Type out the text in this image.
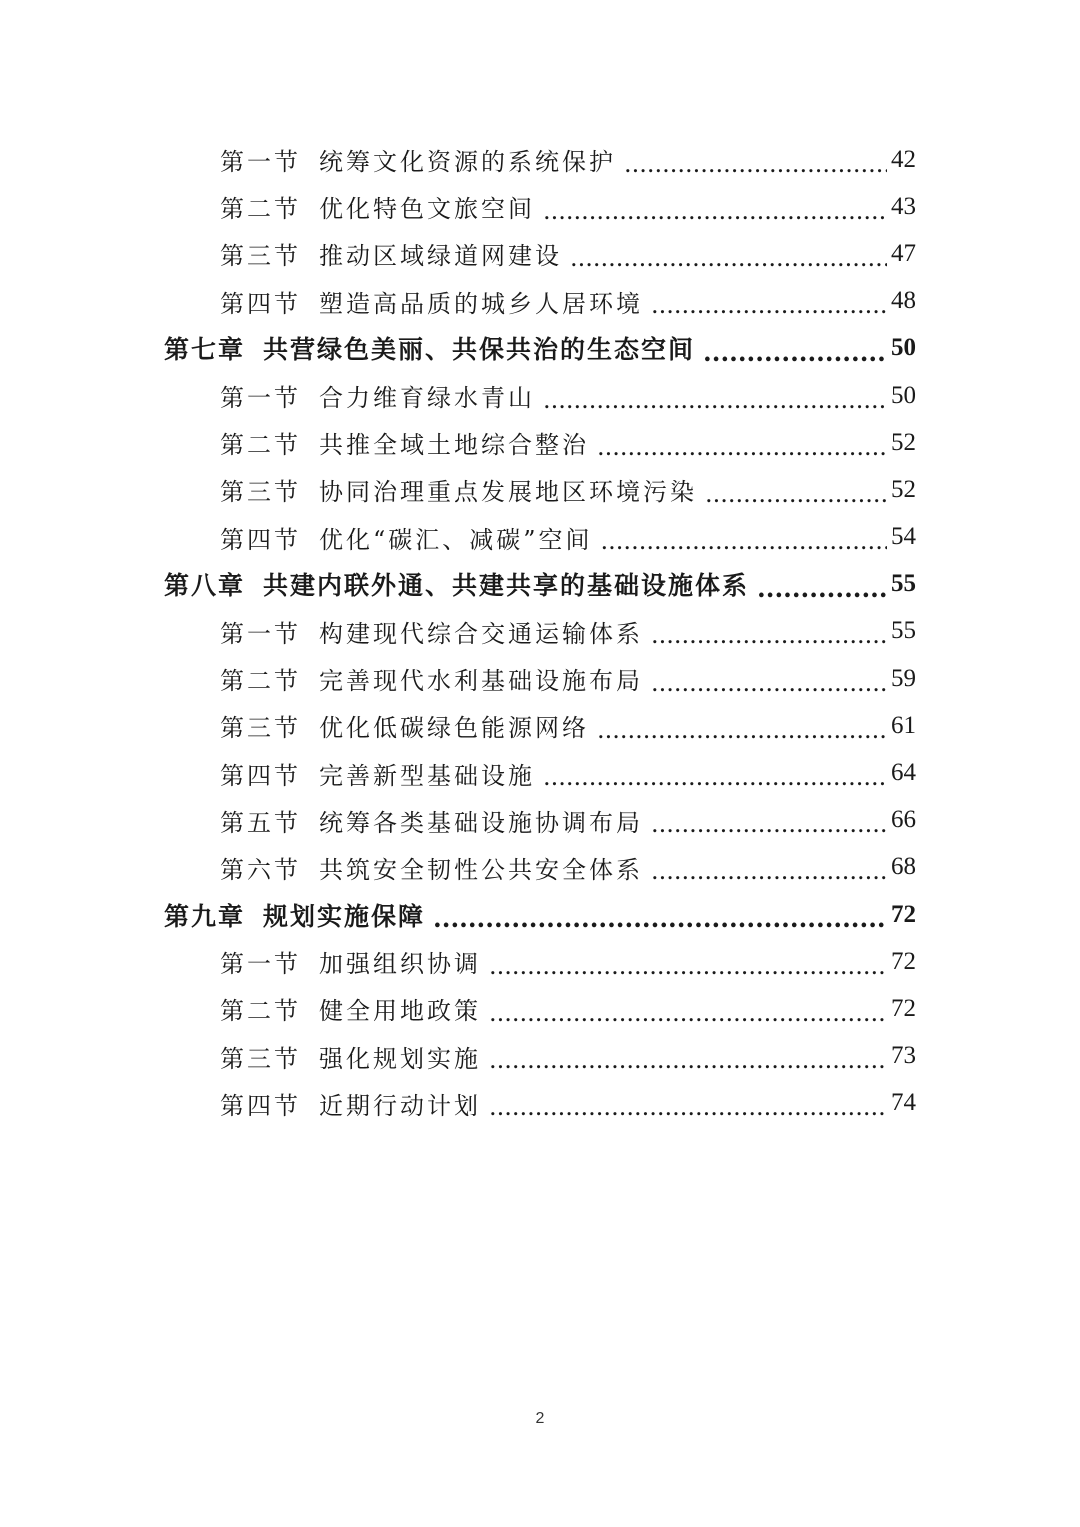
第一节 统筹文化资源的系统保护 .....	42
第二节 优化特色文旅空间 .....	43
第三节 推动区域绿道网建设 .....	47
第四节 塑造高品质的城乡人居环境 .....	48
第七章 共营绿色美丽、共保共治的生态空间 .....	50
第一节 合力维育绿水青山 .....	50
第二节 共推全域土地综合整治 .....	52
第三节 协同治理重点发展地区环境污染 .....	52
第四节 优化“碳汇、减碳”空间 .....	54
第八章 共建内联外通、共建共享的基础设施体系 .....	55
第一节 构建现代综合交通运输体系 .....	55
第二节 完善现代水利基础设施布局 .....	59
第三节 优化低碳绿色能源网络 .....	61
第四节 完善新型基础设施 .....	64
第五节 统筹各类基础设施协调布局 .....	66
第六节 共筑安全韧性公共安全体系 .....	68
第九章 规划实施保障 .....	72
第一节 加强组织协调 .....	72
第二节 健全用地政策 .....	72
第三节 强化规划实施 .....	73
第四节 近期行动计划 .....	74
2
